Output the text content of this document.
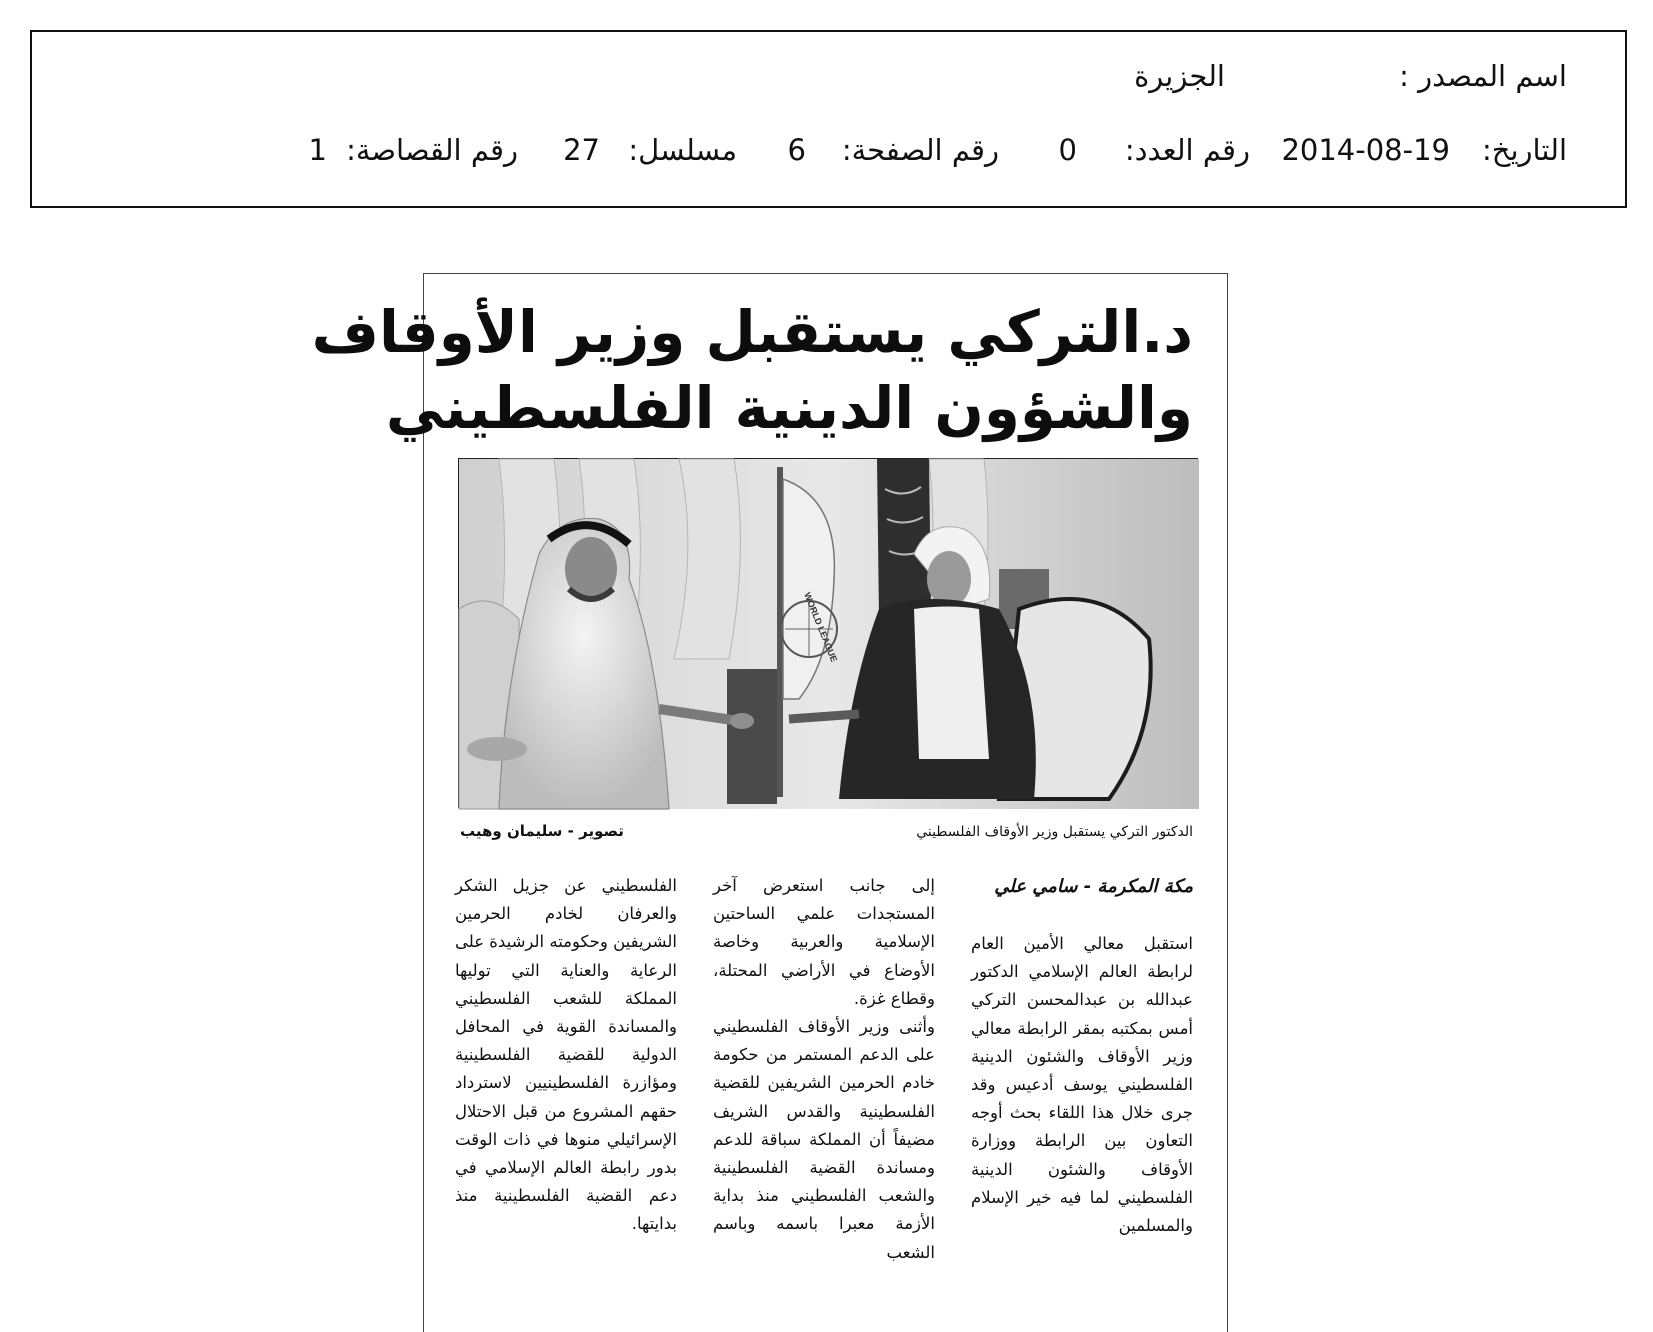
اسم المصدر :
الجزيرة
التاريخ:
2014-08-19
رقم العدد:
0
رقم الصفحة:
6
مسلسل:
27
رقم القصاصة:
1
د.التركي يستقبل وزير الأوقاف
والشؤون الدينية الفلسطيني
WORLD LEAGUE
الدكتور التركي يستقبل وزير الأوقاف الفلسطيني
تصوير - سليمان وهيب

مكة المكرمة - سامي علي

استقبل معالي الأمين العام لرابطة العالم الإسلامي الدكتور عبدالله بن عبدالمحسن التركي أمس بمكتبه بمقر الرابطة معالي وزير الأوقاف والشئون الدينية الفلسطيني يوسف أدعيس وقد جرى خلال هذا اللقاء بحث أوجه التعاون بين الرابطة ووزارة الأوقاف والشئون الدينية الفلسطيني لما فيه خير الإسلام والمسلمين

إلى جانب استعرض آخر المستجدات علمي الساحتين الإسلامية والعربية وخاصة الأوضاع في الأراضي المحتلة، وقطاع غزة.

وأثنى وزير الأوقاف الفلسطيني على الدعم المستمر من حكومة خادم الحرمين الشريفين للقضية الفلسطينية والقدس الشريف مضيفاً أن المملكة سباقة للدعم ومساندة القضية الفلسطينية والشعب الفلسطيني منذ بداية الأزمة معبرا باسمه وباسم الشعب

الفلسطيني عن جزيل الشكر والعرفان لخادم الحرمين الشريفين وحكومته الرشيدة على الرعاية والعناية التي توليها المملكة للشعب الفلسطيني والمساندة القوية في المحافل الدولية للقضية الفلسطينية ومؤازرة الفلسطينيين لاسترداد حقهم المشروع من قبل الاحتلال الإسرائيلي منوها في ذات الوقت بدور رابطة العالم الإسلامي في دعم القضية الفلسطينية منذ بدايتها.
